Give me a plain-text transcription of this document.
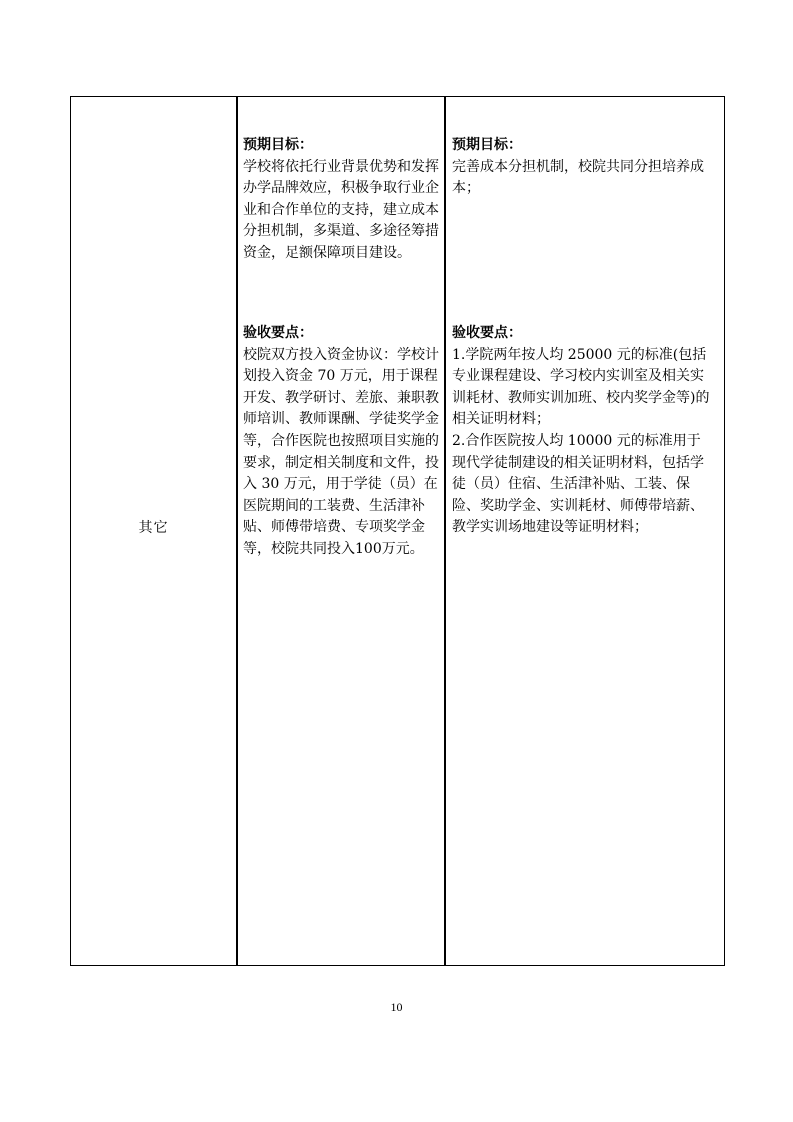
其它
预期目标：
学校将依托行业背景优势和发挥办学品牌效应，积极争取行业企业和合作单位的支持，建立成本分担机制，多渠道、多途径筹措资金，足额保障项目建设。
验收要点：
校院双方投入资金协议：学校计划投入资金 70 万元，用于课程开发、教学研讨、差旅、兼职教师培训、教师课酬、学徒奖学金等，合作医院也按照项目实施的要求，制定相关制度和文件，投入 30 万元，用于学徒（员）在医院期间的工装费、生活津补贴、师傅带培费、专项奖学金等，校院共同投入100万元。
预期目标：
完善成本分担机制，校院共同分担培养成本；
验收要点：
1.学院两年按人均 25000 元的标准(包括专业课程建设、学习校内实训室及相关实训耗材、教师实训加班、校内奖学金等)的相关证明材料；
2.合作医院按人均 10000 元的标准用于现代学徒制建设的相关证明材料，包括学徒（员）住宿、生活津补贴、工装、保险、奖助学金、实训耗材、师傅带培薪、教学实训场地建设等证明材料；
10
